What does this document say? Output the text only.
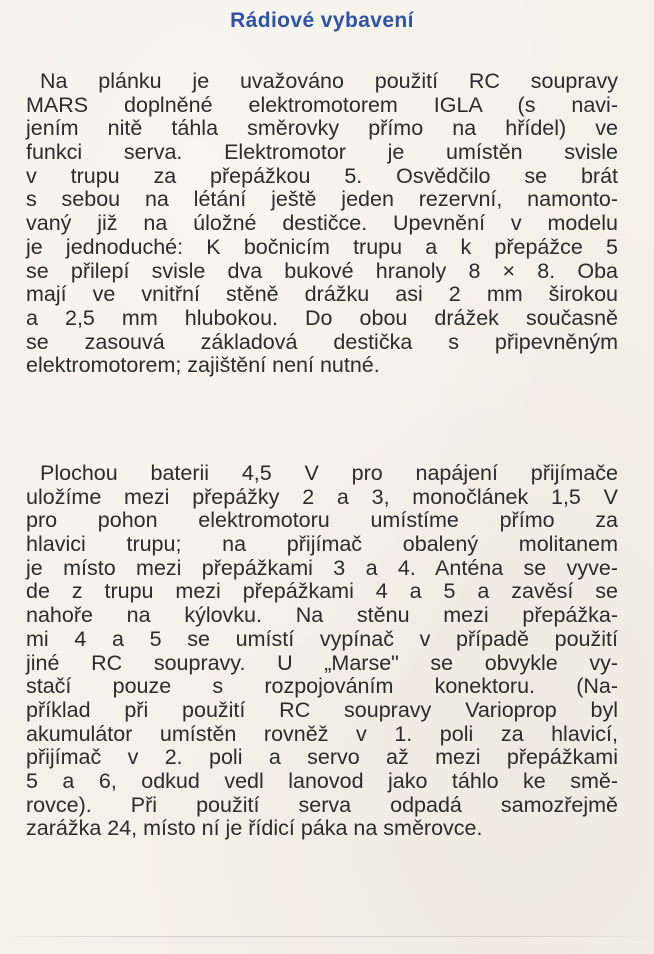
Rádiové vybavení
Na plánku je uvažováno použití RC soupravy
MARS doplněné elektromotorem IGLA (s navi-
jením nitě táhla směrovky přímo na hřídel) ve
funkci serva. Elektromotor je umístěn svisle
v trupu za přepážkou 5. Osvědčilo se brát
s sebou na létání ještě jeden rezervní, namonto-
vaný již na úložné destičce. Upevnění v modelu
je jednoduché: K bočnicím trupu a k přepážce 5
se přilepí svisle dva bukové hranoly 8 × 8. Oba
mají ve vnitřní stěně drážku asi 2 mm širokou
a 2,5 mm hlubokou. Do obou drážek současně
se zasouvá základová destička s připevněným
elektromotorem; zajištění není nutné.
Plochou baterii 4,5 V pro napájení přijímače
uložíme mezi přepážky 2 a 3, monočlánek 1,5 V
pro pohon elektromotoru umístíme přímo za
hlavici trupu; na přijímač obalený molitanem
je místo mezi přepážkami 3 a 4. Anténa se vyve-
de z trupu mezi přepážkami 4 a 5 a zavěsí se
nahoře na kýlovku. Na stěnu mezi přepážka-
mi 4 a 5 se umístí vypínač v případě použití
jiné RC soupravy. U „Marse" se obvykle vy-
stačí pouze s rozpojováním konektoru. (Na-
příklad při použití RC soupravy Varioprop byl
akumulátor umístěn rovněž v 1. poli za hlavicí,
přijímač v 2. poli a servo až mezi přepážkami
5 a 6, odkud vedl lanovod jako táhlo ke smě-
rovce). Při použití serva odpadá samozřejmě
zarážka 24, místo ní je řídicí páka na směrovce.
